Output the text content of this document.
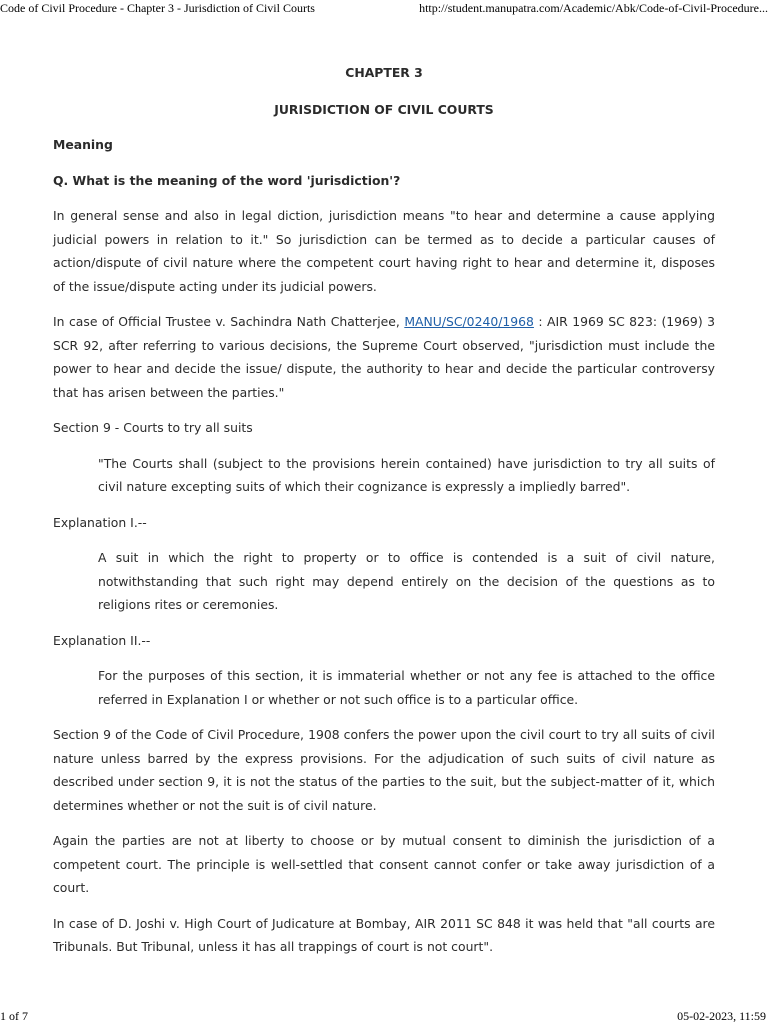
Code of Civil Procedure - Chapter 3 - Jurisdiction of Civil Courts	http://student.manupatra.com/Academic/Abk/Code-of-Civil-Procedure...
CHAPTER 3
JURISDICTION OF CIVIL COURTS
Meaning
Q. What is the meaning of the word 'jurisdiction'?

In general sense and also in legal diction, jurisdiction means "to hear and determine a cause applying judicial powers in relation to it." So jurisdiction can be termed as to decide a particular causes of action/dispute of civil nature where the competent court having right to hear and determine it, disposes of the issue/dispute acting under its judicial powers.

In case of Official Trustee v. Sachindra Nath Chatterjee, MANU/SC/0240/1968 : AIR 1969 SC 823: (1969) 3 SCR 92, after referring to various decisions, the Supreme Court observed, "jurisdiction must include the power to hear and decide the issue/ dispute, the authority to hear and decide the particular controversy that has arisen between the parties."

Section 9 - Courts to try all suits

"The Courts shall (subject to the provisions herein contained) have jurisdiction to try all suits of civil nature excepting suits of which their cognizance is expressly a impliedly barred".

Explanation I.--

A suit in which the right to property or to office is contended is a suit of civil nature, notwithstanding that such right may depend entirely on the decision of the questions as to religions rites or ceremonies.

Explanation II.--

For the purposes of this section, it is immaterial whether or not any fee is attached to the office referred in Explanation I or whether or not such office is to a particular office.

Section 9 of the Code of Civil Procedure, 1908 confers the power upon the civil court to try all suits of civil nature unless barred by the express provisions. For the adjudication of such suits of civil nature as described under section 9, it is not the status of the parties to the suit, but the subject-matter of it, which determines whether or not the suit is of civil nature.

Again the parties are not at liberty to choose or by mutual consent to diminish the jurisdiction of a competent court. The principle is well-settled that consent cannot confer or take away jurisdiction of a court.

In case of D. Joshi v. High Court of Judicature at Bombay, AIR 2011 SC 848 it was held that "all courts are Tribunals. But Tribunal, unless it has all trappings of court is not court".

1 of 7	05-02-2023, 11:59
